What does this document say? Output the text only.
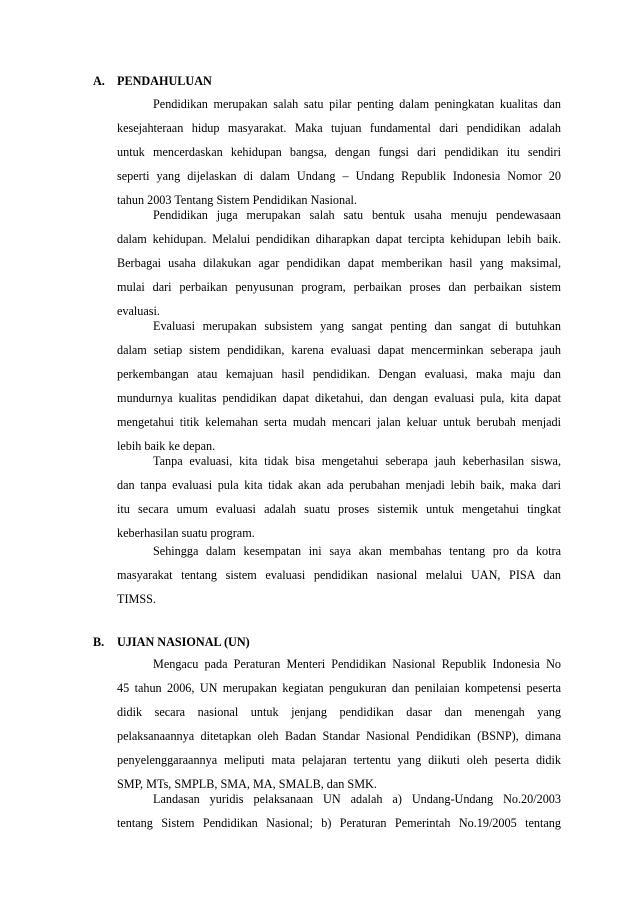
A. PENDAHULUAN
Pendidikan merupakan salah satu pilar penting dalam peningkatan kualitas dan
kesejahteraan hidup masyarakat. Maka tujuan fundamental dari pendidikan adalah
untuk mencerdaskan kehidupan bangsa, dengan fungsi dari pendidikan itu sendiri
seperti yang dijelaskan di dalam Undang – Undang Republik Indonesia Nomor 20
tahun 2003 Tentang Sistem Pendidikan Nasional.
Pendidikan juga merupakan salah satu bentuk usaha menuju pendewasaan
dalam kehidupan. Melalui pendidikan diharapkan dapat tercipta kehidupan lebih baik.
Berbagai usaha dilakukan agar pendidikan dapat memberikan hasil yang maksimal,
mulai dari perbaikan penyusunan program, perbaikan proses dan perbaikan sistem
evaluasi.
Evaluasi merupakan subsistem yang sangat penting dan sangat di butuhkan
dalam setiap sistem pendidikan, karena evaluasi dapat mencerminkan seberapa jauh
perkembangan atau kemajuan hasil pendidikan. Dengan evaluasi, maka maju dan
mundurnya kualitas pendidikan dapat diketahui, dan dengan evaluasi pula, kita dapat
mengetahui titik kelemahan serta mudah mencari jalan keluar untuk berubah menjadi
lebih baik ke depan.
Tanpa evaluasi, kita tidak bisa mengetahui seberapa jauh keberhasilan siswa,
dan tanpa evaluasi pula kita tidak akan ada perubahan menjadi lebih baik, maka dari
itu secara umum evaluasi adalah suatu proses sistemik untuk mengetahui tingkat
keberhasilan suatu program.
Sehingga dalam kesempatan ini saya akan membahas tentang pro da kotra
masyarakat tentang sistem evaluasi pendidikan nasional melalui UAN, PISA dan
TIMSS.
B. UJIAN NASIONAL (UN)
Mengacu pada Peraturan Menteri Pendidikan Nasional Republik Indonesia No
45 tahun 2006, UN merupakan kegiatan pengukuran dan penilaian kompetensi peserta
didik secara nasional untuk jenjang pendidikan dasar dan menengah yang
pelaksanaannya ditetapkan oleh Badan Standar Nasional Pendidikan (BSNP), dimana
penyelenggaraannya meliputi mata pelajaran tertentu yang diikuti oleh peserta didik
SMP, MTs, SMPLB, SMA, MA, SMALB, dan SMK.
Landasan yuridis pelaksanaan UN adalah a) Undang-Undang No.20/2003
tentang Sistem Pendidikan Nasional; b) Peraturan Pemerintah No.19/2005 tentang
